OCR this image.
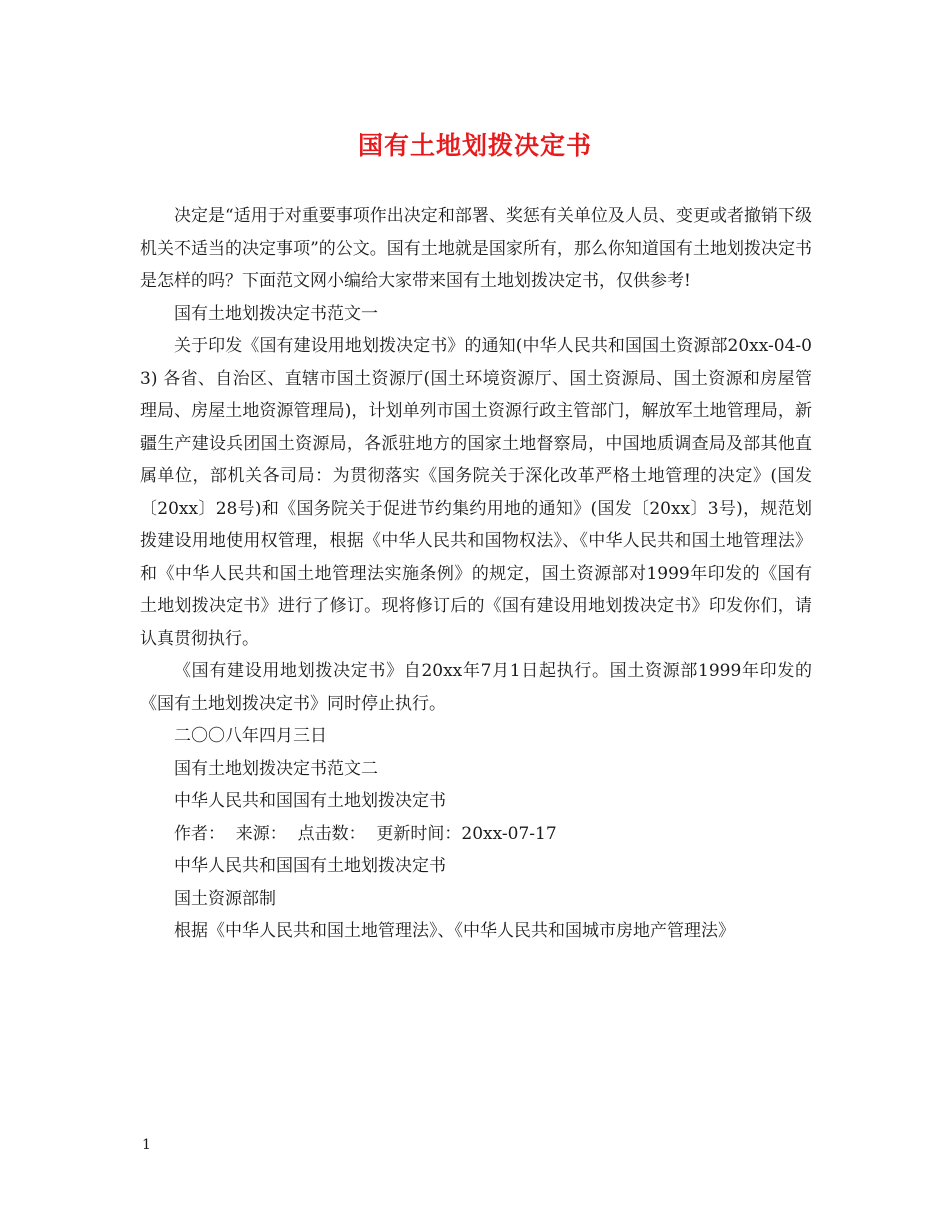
国有土地划拨决定书

决定是“适用于对重要事项作出决定和部署、奖惩有关单位及人员、变更或者撤销下级机关不适当的决定事项”的公文。国有土地就是国家所有，那么你知道国有土地划拨决定书是怎样的吗？下面范文网小编给大家带来国有土地划拨决定书，仅供参考!

国有土地划拨决定书范文一

关于印发《国有建设用地划拨决定书》的通知(中华人民共和国国土资源部20xx-04-03) 各省、自治区、直辖市国土资源厅(国土环境资源厅、国土资源局、国土资源和房屋管理局、房屋土地资源管理局)，计划单列市国土资源行政主管部门，解放军土地管理局，新疆生产建设兵团国土资源局，各派驻地方的国家土地督察局，中国地质调查局及部其他直属单位，部机关各司局：为贯彻落实《国务院关于深化改革严格土地管理的决定》(国发〔20xx〕28号)和《国务院关于促进节约集约用地的通知》(国发〔20xx〕3号)，规范划拨建设用地使用权管理，根据《中华人民共和国物权法》、《中华人民共和国土地管理法》和《中华人民共和国土地管理法实施条例》的规定，国土资源部对1999年印发的《国有土地划拨决定书》进行了修订。现将修订后的《国有建设用地划拨决定书》印发你们，请认真贯彻执行。

《国有建设用地划拨决定书》自20xx年7月1日起执行。国土资源部1999年印发的《国有土地划拨决定书》同时停止执行。

二〇〇八年四月三日

国有土地划拨决定书范文二

中华人民共和国国有土地划拨决定书

作者：  来源：  点击数：  更新时间：20xx-07-17

中华人民共和国国有土地划拨决定书

国土资源部制

根据《中华人民共和国土地管理法》、《中华人民共和国城市房地产管理法》

1
